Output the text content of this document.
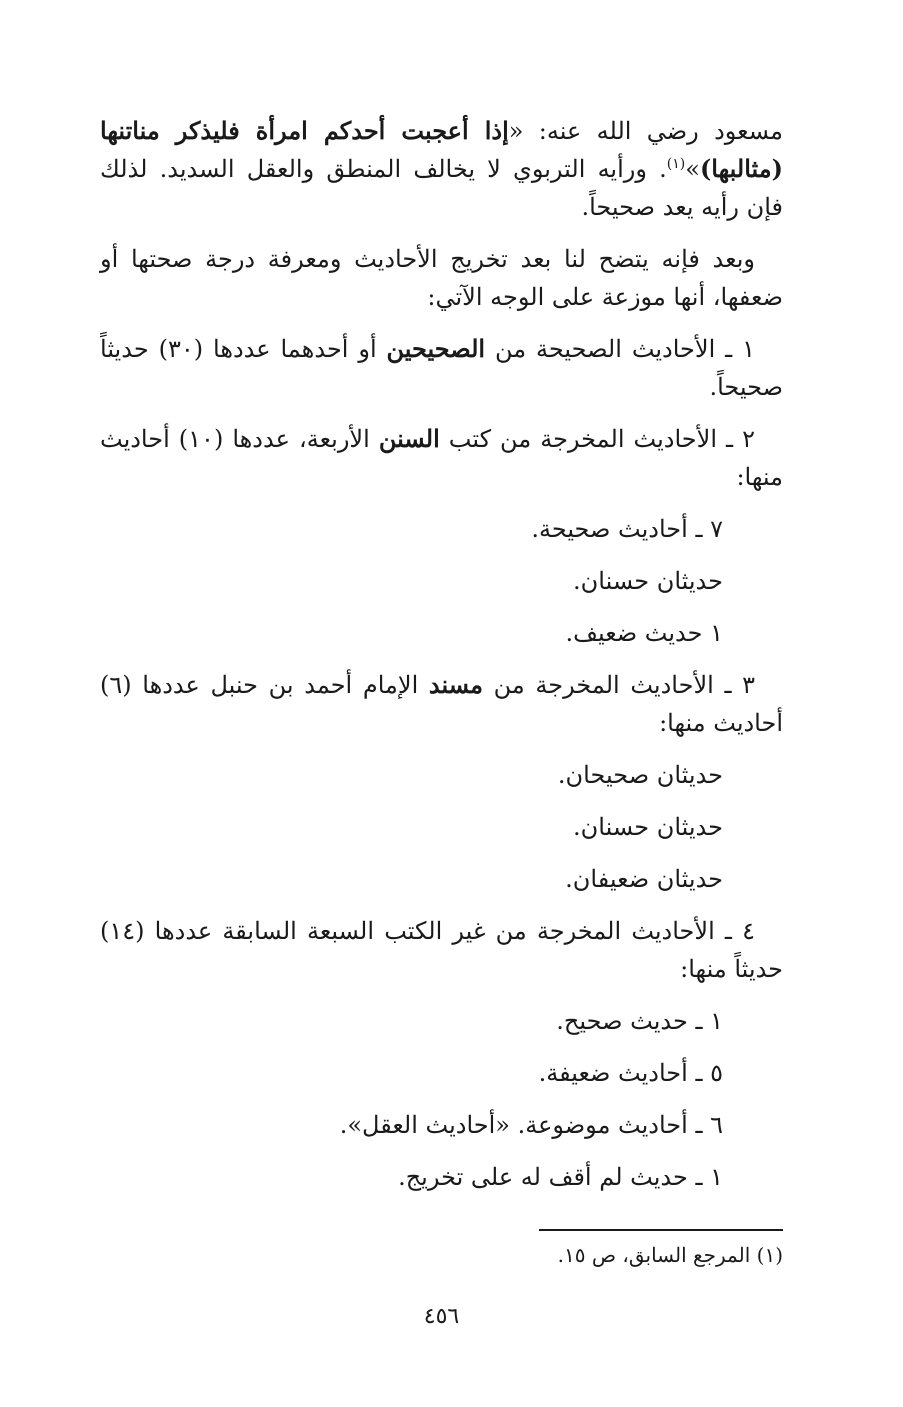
مسعود رضي الله عنه: «إذا أعجبت أحدكم امرأة فليذكر مناتنها (مثالبها)»$^{(١)}$. ورأيه التربوي لا يخالف المنطق والعقل السديد. لذلك فإن رأيه يعد صحيحاً.

وبعد فإنه يتضح لنا بعد تخريج الأحاديث ومعرفة درجة صحتها أو ضعفها، أنها موزعة على الوجه الآتي:

١ ـ الأحاديث الصحيحة من الصحيحين أو أحدهما عددها (٣٠) حديثاً صحيحاً.

٢ ـ الأحاديث المخرجة من كتب السنن الأربعة، عددها (١٠) أحاديث منها:

٧ ـ أحاديث صحيحة.

حديثان حسنان.

١ حديث ضعيف.

٣ ـ الأحاديث المخرجة من مسند الإمام أحمد بن حنبل عددها (٦) أحاديث منها:

حديثان صحيحان.

حديثان حسنان.

حديثان ضعيفان.

٤ ـ الأحاديث المخرجة من غير الكتب السبعة السابقة عددها (١٤) حديثاً منها:

١ ـ حديث صحيح.

٥ ـ أحاديث ضعيفة.

٦ ـ أحاديث موضوعة. «أحاديث العقل».

١ ـ حديث لم أقف له على تخريج.

(١) المرجع السابق، ص ١٥.
٤٥٦
